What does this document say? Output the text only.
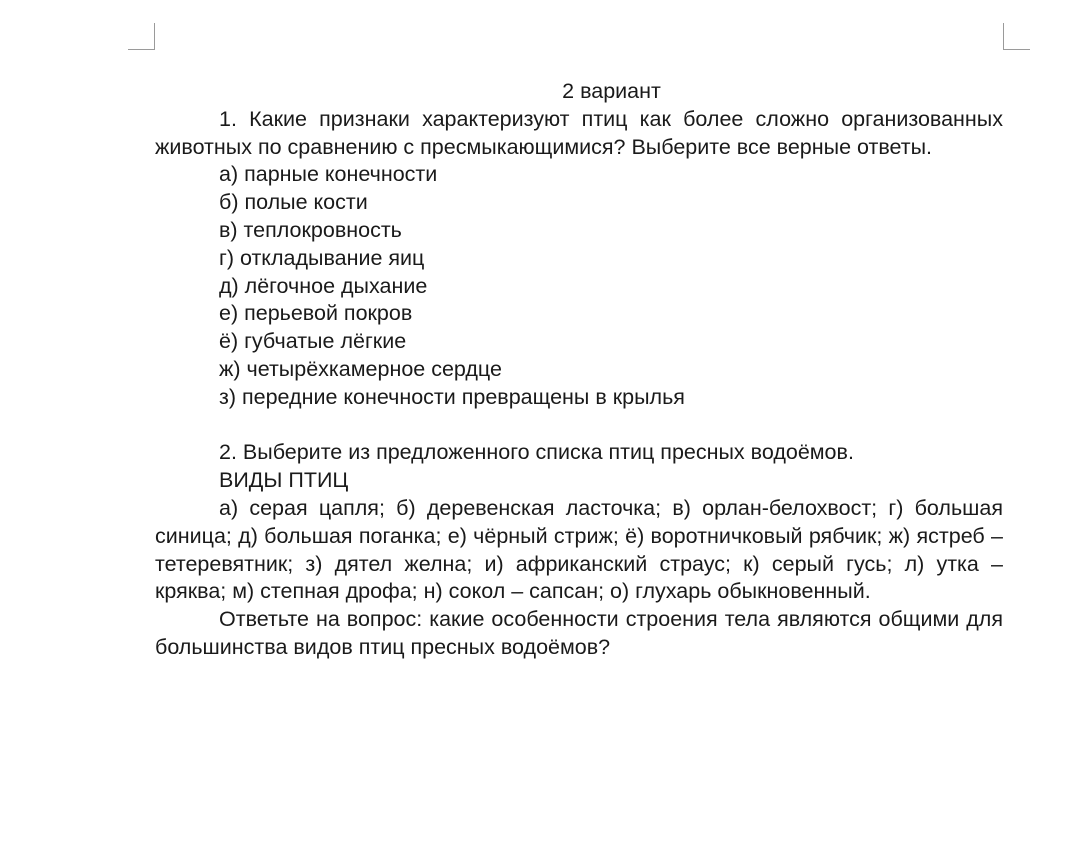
2 вариант

1. Какие признаки характеризуют птиц как более сложно организованных животных по сравнению с пресмыкающимися? Выберите все верные ответы.

а) парные конечности

б) полые кости

в) теплокровность

г) откладывание яиц

д) лёгочное дыхание

е) перьевой покров

ё) губчатые лёгкие

ж) четырёхкамерное сердце

з) передние конечности превращены в крылья

2. Выберите из предложенного списка птиц пресных водоёмов.

ВИДЫ ПТИЦ

а) серая цапля; б) деревенская ласточка; в) орлан-белохвост; г) большая синица; д) большая поганка; е) чёрный стриж; ё) воротничковый рябчик; ж) ястреб – тетеревятник; з) дятел желна; и) африканский страус; к) серый гусь; л) утка – кряква; м) степная дрофа; н) сокол – сапсан; о) глухарь обыкновенный.

Ответьте на вопрос: какие особенности строения тела являются общими для большинства видов птиц пресных водоёмов?
